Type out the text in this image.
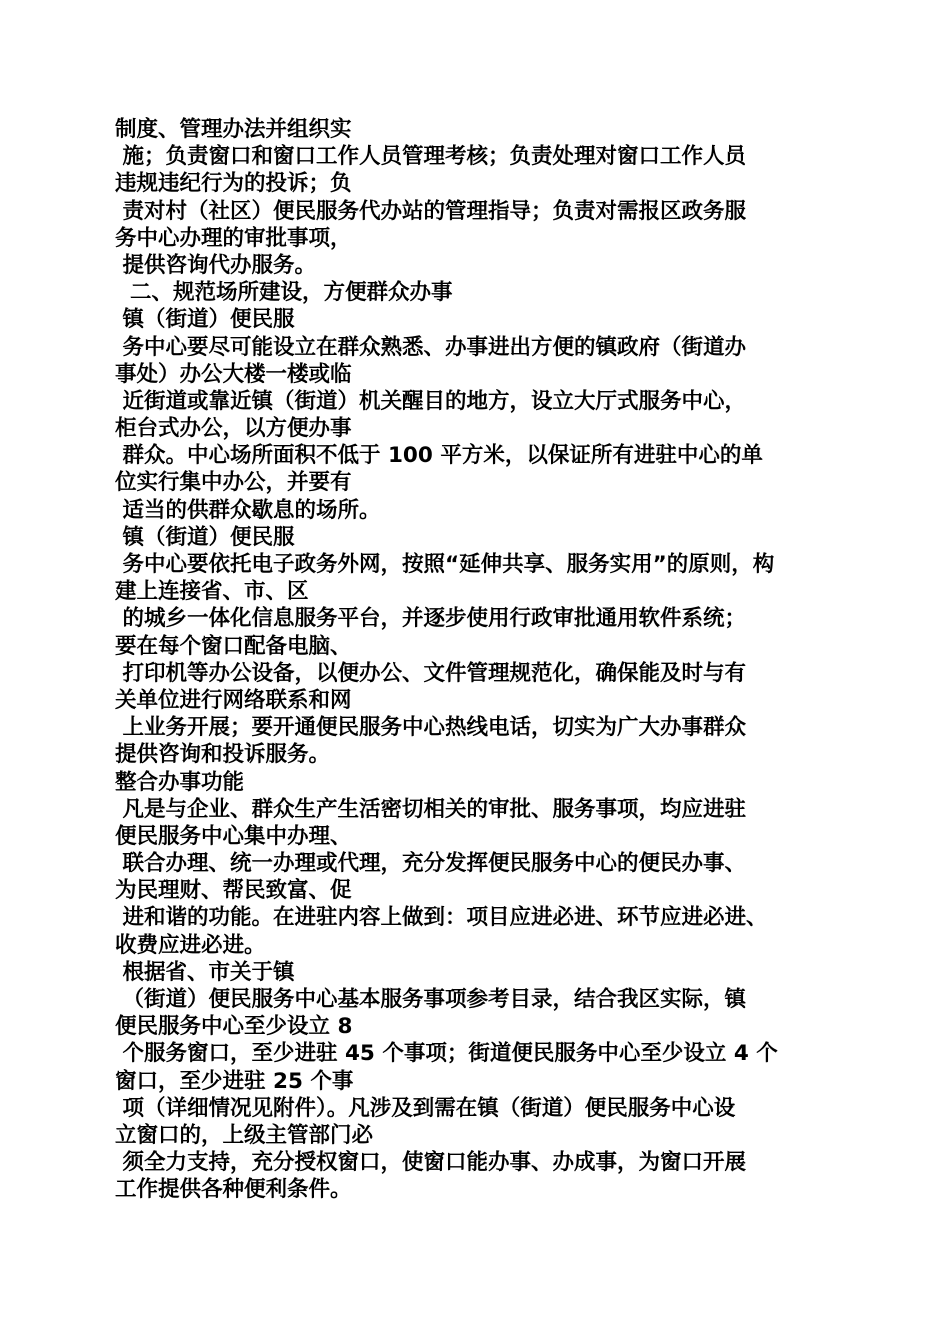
制度、管理办法并组织实
施；负责窗口和窗口工作人员管理考核；负责处理对窗口工作人员
违规违纪行为的投诉；负
责对村（社区）便民服务代办站的管理指导；负责对需报区政务服
务中心办理的审批事项，
提供咨询代办服务。
二、规范场所建设，方便群众办事
镇（街道）便民服
务中心要尽可能设立在群众熟悉、办事进出方便的镇政府（街道办
事处）办公大楼一楼或临
近街道或靠近镇（街道）机关醒目的地方，设立大厅式服务中心，
柜台式办公，以方便办事
群众。中心场所面积不低于 100 平方米，以保证所有进驻中心的单
位实行集中办公，并要有
适当的供群众歇息的场所。
镇（街道）便民服
务中心要依托电子政务外网，按照“延伸共享、服务实用”的原则，构
建上连接省、市、区
的城乡一体化信息服务平台，并逐步使用行政审批通用软件系统；
要在每个窗口配备电脑、
打印机等办公设备，以便办公、文件管理规范化，确保能及时与有
关单位进行网络联系和网
上业务开展；要开通便民服务中心热线电话，切实为广大办事群众
提供咨询和投诉服务。
整合办事功能
凡是与企业、群众生产生活密切相关的审批、服务事项，均应进驻
便民服务中心集中办理、
联合办理、统一办理或代理，充分发挥便民服务中心的便民办事、
为民理财、帮民致富、促
进和谐的功能。在进驻内容上做到：项目应进必进、环节应进必进、
收费应进必进。
根据省、市关于镇
（街道）便民服务中心基本服务事项参考目录，结合我区实际，镇
便民服务中心至少设立 8
个服务窗口，至少进驻 45 个事项；街道便民服务中心至少设立 4 个
窗口，至少进驻 25 个事
项（详细情况见附件）。凡涉及到需在镇（街道）便民服务中心设
立窗口的，上级主管部门必
须全力支持，充分授权窗口，使窗口能办事、办成事，为窗口开展
工作提供各种便利条件。
